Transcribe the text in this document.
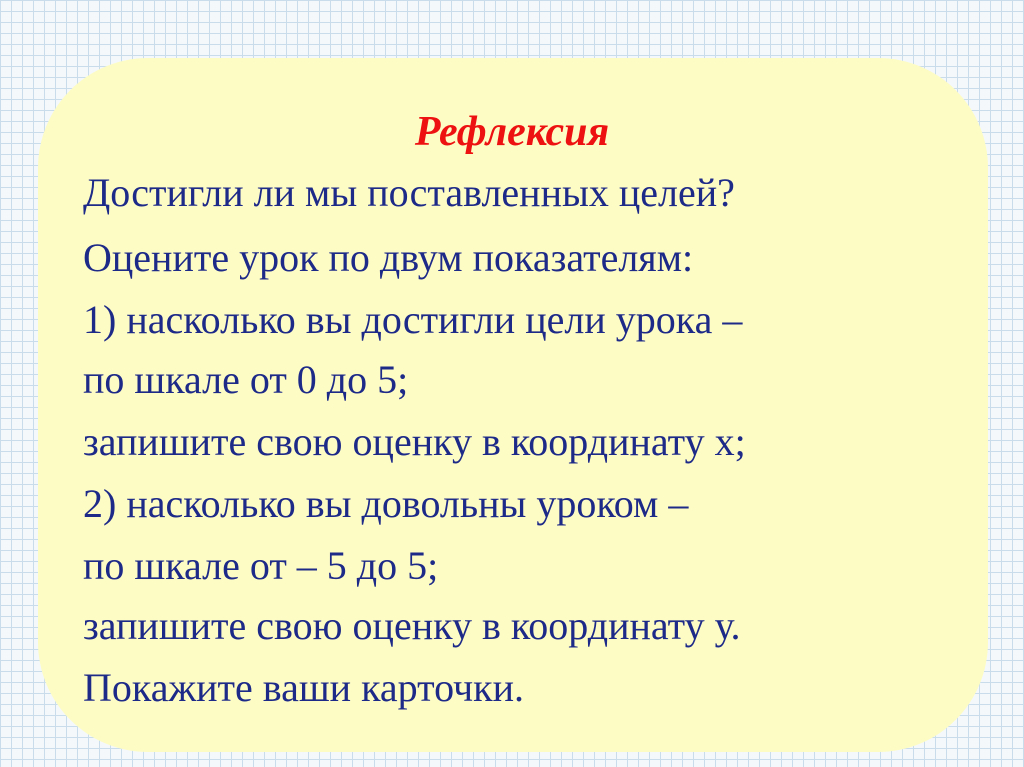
Рефлексия

Достигли ли мы поставленных целей?

Оцените урок по двум показателям:

1) насколько вы достигли цели урока –

по шкале от 0 до 5;

запишите свою оценку в координату х;

2) насколько вы довольны уроком –

по шкале от – 5 до 5;

запишите свою оценку в координату у.

Покажите ваши карточки.
